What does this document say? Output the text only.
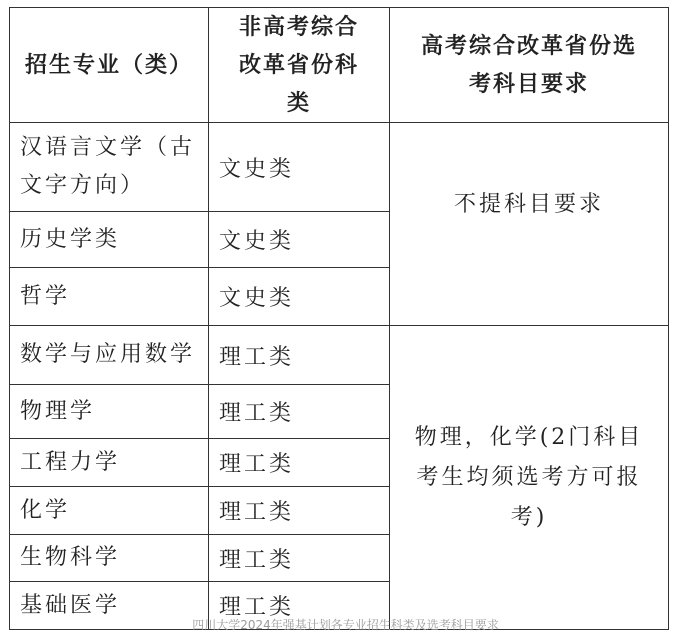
招生专业（类）	非高考综合改革省份科类	高考综合改革省份选考科目要求
汉语言文学（古文字方向）	文史类	不提科目要求
历史学类	文史类	
哲学	文史类	
数学与应用数学	理工类	物理，化学(2门科目考生均须选考方可报考)
物理学	理工类	
工程力学	理工类	
化学	理工类	
生物科学	理工类	
基础医学	理工类	
四川大学2024年强基计划各专业招生科类及选考科目要求
